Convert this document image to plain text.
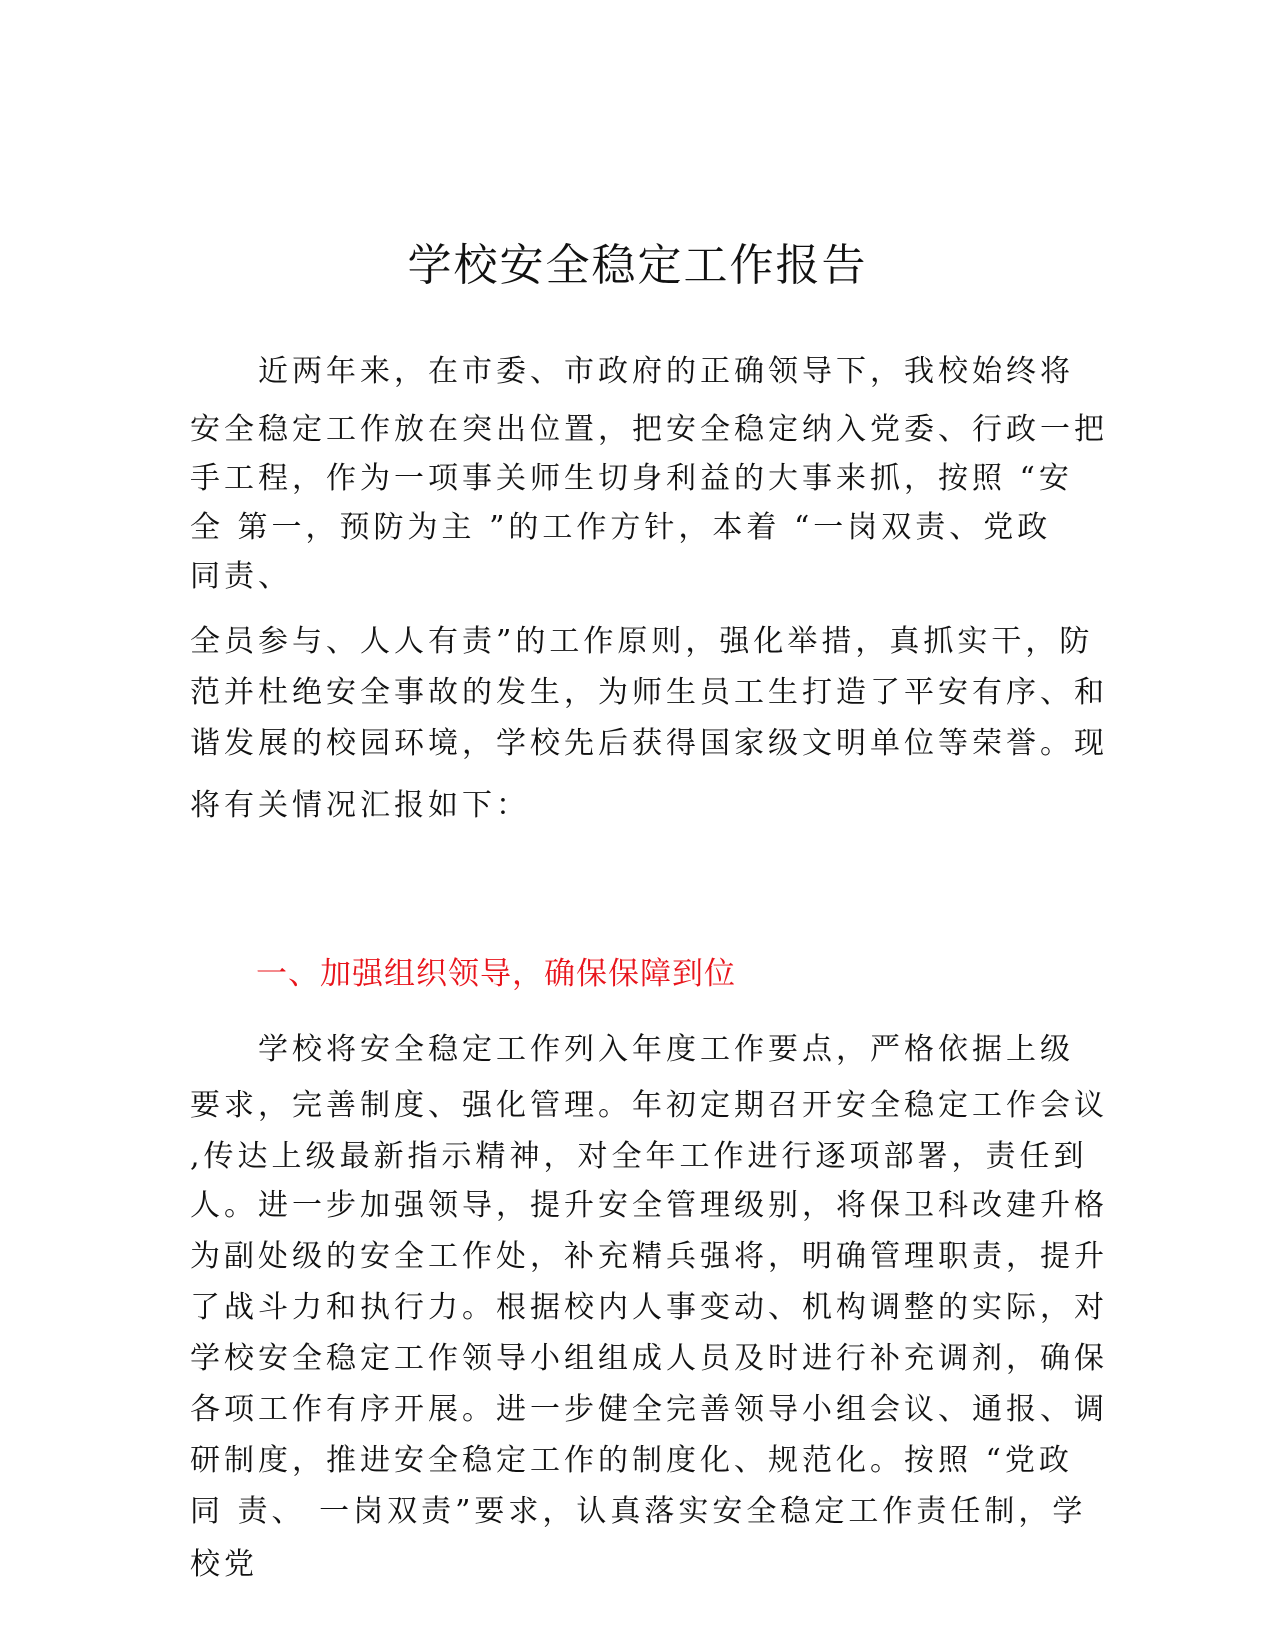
学校安全稳定工作报告
近两年来，在市委、市政府的正确领导下，我校始终将
安全稳定工作放在突出位置，把安全稳定纳入党委、行政一把
手工程，作为一项事关师生切身利益的大事来抓，按照 “安
全 第一，预防为主 ”的工作方针，本着 “一岗双责、党政
同责、
全员参与、人人有责”的工作原则，强化举措，真抓实干，防
范并杜绝安全事故的发生，为师生员工生打造了平安有序、和
谐发展的校园环境，学校先后获得国家级文明单位等荣誉。现
将有关情况汇报如下：
一、加强组织领导，确保保障到位
学校将安全稳定工作列入年度工作要点，严格依据上级
要求，完善制度、强化管理。年初定期召开安全稳定工作会议
,传达上级最新指示精神，对全年工作进行逐项部署，责任到
人。进一步加强领导，提升安全管理级别，将保卫科改建升格
为副处级的安全工作处，补充精兵强将，明确管理职责，提升
了战斗力和执行力。根据校内人事变动、机构调整的实际，对
学校安全稳定工作领导小组组成人员及时进行补充调剂，确保
各项工作有序开展。进一步健全完善领导小组会议、通报、调
研制度，推进安全稳定工作的制度化、规范化。按照 “党政
同 责、 一岗双责”要求，认真落实安全稳定工作责任制，学
校党
